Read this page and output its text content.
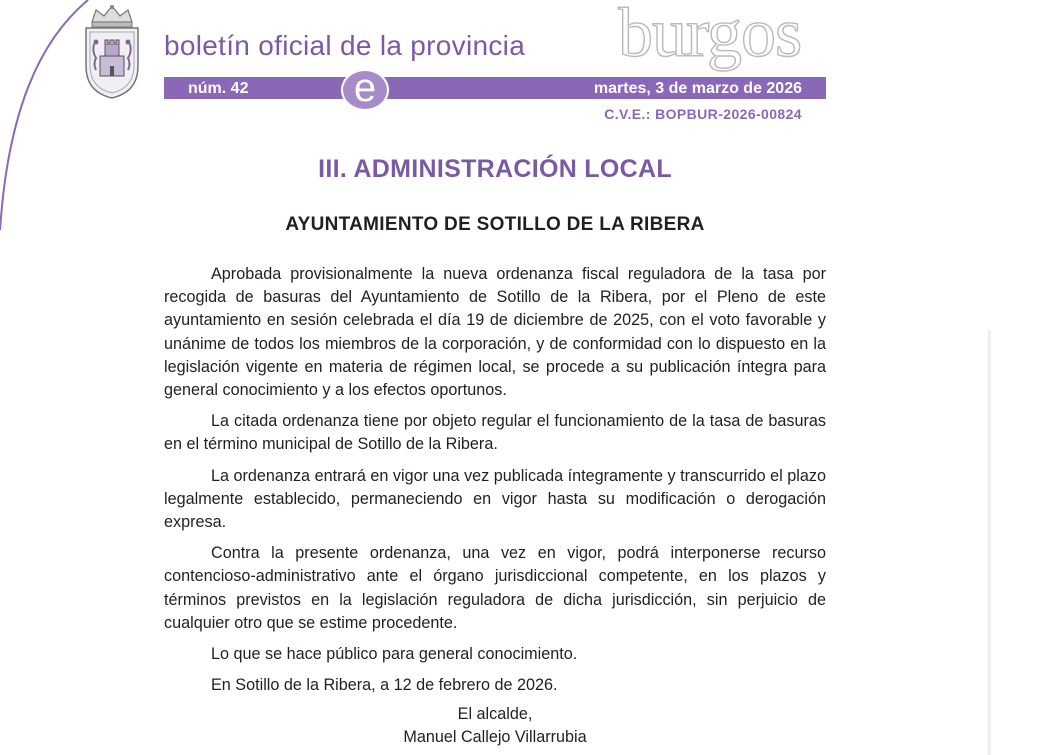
boletín oficial de la provincia burgos
núm. 42	martes, 3 de marzo de 2026
e
C.V.E.: BOPBUR-2026-00824
III. ADMINISTRACIÓN LOCAL
AYUNTAMIENTO DE SOTILLO DE LA RIBERA

Aprobada provisionalmente la nueva ordenanza fiscal reguladora de la tasa por recogida de basuras del Ayuntamiento de Sotillo de la Ribera, por el Pleno de este ayuntamiento en sesión celebrada el día 19 de diciembre de 2025, con el voto favorable y unánime de todos los miembros de la corporación, y de conformidad con lo dispuesto en la legislación vigente en materia de régimen local, se procede a su publicación íntegra para general conocimiento y a los efectos oportunos.

La citada ordenanza tiene por objeto regular el funcionamiento de la tasa de basuras en el término municipal de Sotillo de la Ribera.

La ordenanza entrará en vigor una vez publicada íntegramente y transcurrido el plazo legalmente establecido, permaneciendo en vigor hasta su modificación o derogación expresa.

Contra la presente ordenanza, una vez en vigor, podrá interponerse recurso contencioso-administrativo ante el órgano jurisdiccional competente, en los plazos y términos previstos en la legislación reguladora de dicha jurisdicción, sin perjuicio de cualquier otro que se estime procedente.

Lo que se hace público para general conocimiento.

En Sotillo de la Ribera, a 12 de febrero de 2026.

El alcalde,
Manuel Callejo Villarrubia
